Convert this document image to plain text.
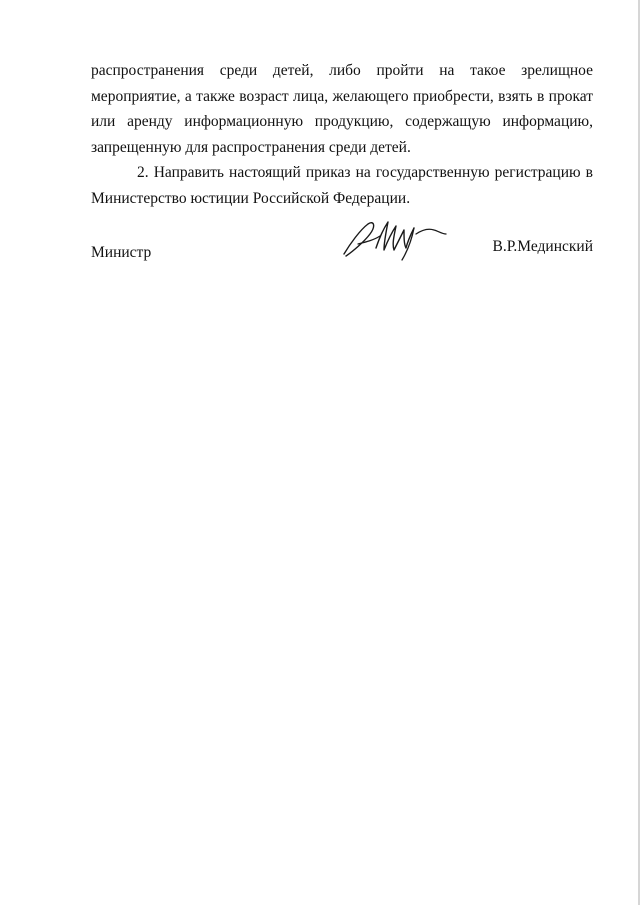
распространения среди детей, либо пройти на такое зрелищное мероприятие, а также возраст лица, желающего приобрести, взять в прокат или аренду информационную продукцию, содержащую информацию, запрещенную для распространения среди детей.

2. Направить настоящий приказ на государственную регистрацию в Министерство юстиции Российской Федерации.

Министр	В.Р.Мединский
